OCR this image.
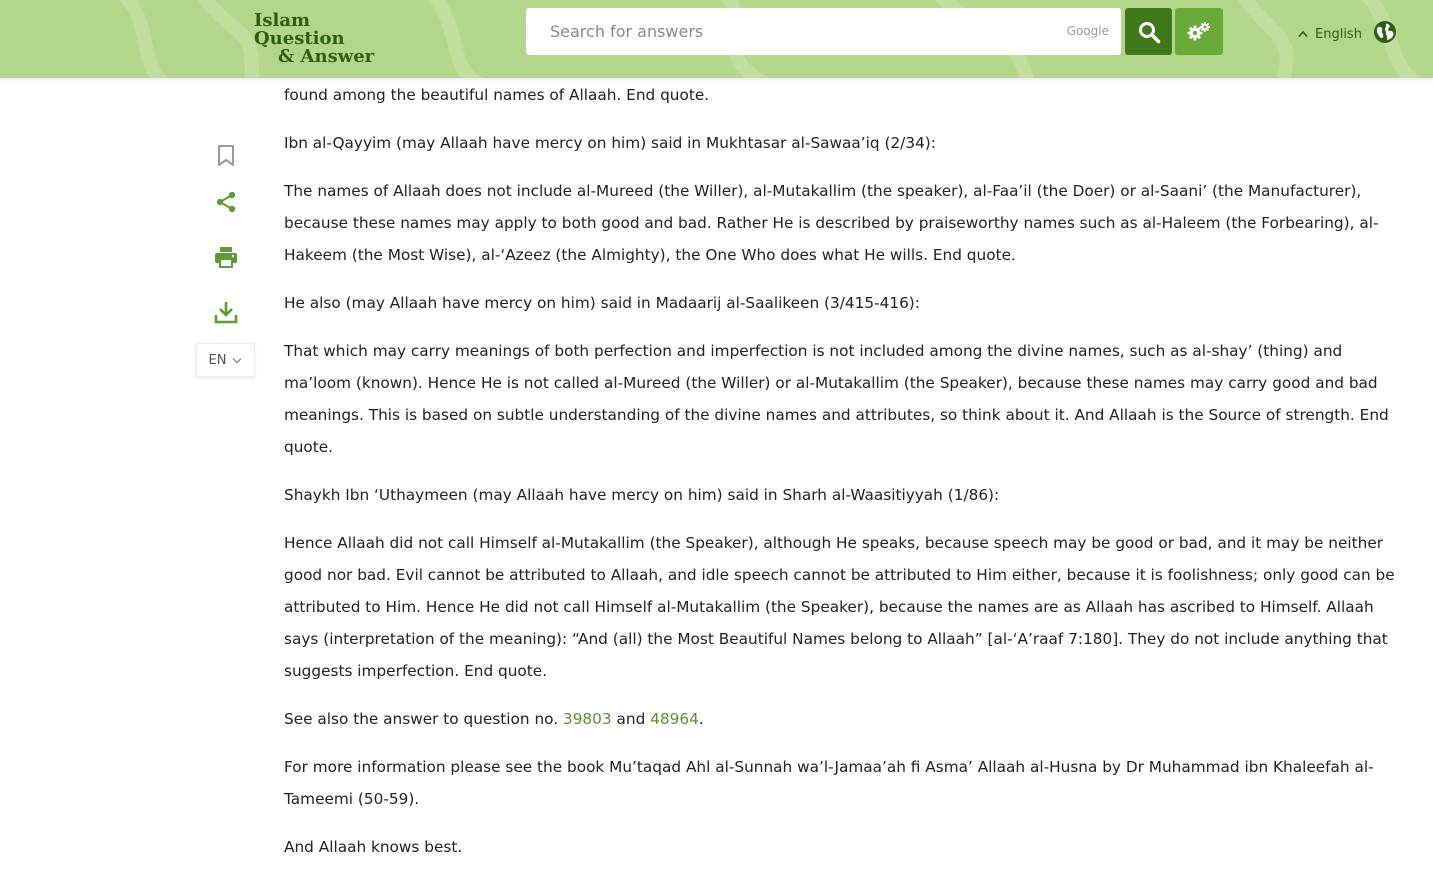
Islam Question
& Answer
Search for answers
Google	English
EN

found among the beautiful names of Allaah. End quote.

Ibn al-Qayyim (may Allaah have mercy on him) said in Mukhtasar al-Sawaa’iq (2/34):

The names of Allaah does not include al-Mureed (the Willer), al-Mutakallim (the speaker), al-Faa’il (the Doer) or al-Saani’ (the Manufacturer), because these names may apply to both good and bad. Rather He is described by praiseworthy names such as al-Haleem (the Forbearing), al-Hakeem (the Most Wise), al-‘Azeez (the Almighty), the One Who does what He wills. End quote.

He also (may Allaah have mercy on him) said in Madaarij al-Saalikeen (3/415-416):

That which may carry meanings of both perfection and imperfection is not included among the divine names, such as al-shay’ (thing) and ma’loom (known). Hence He is not called al-Mureed (the Willer) or al-Mutakallim (the Speaker), because these names may carry good and bad meanings. This is based on subtle understanding of the divine names and attributes, so think about it. And Allaah is the Source of strength. End quote.

Shaykh Ibn ‘Uthaymeen (may Allaah have mercy on him) said in Sharh al-Waasitiyyah (1/86):

Hence Allaah did not call Himself al-Mutakallim (the Speaker), although He speaks, because speech may be good or bad, and it may be neither good nor bad. Evil cannot be attributed to Allaah, and idle speech cannot be attributed to Him either, because it is foolishness; only good can be attributed to Him. Hence He did not call Himself al-Mutakallim (the Speaker), because the names are as Allaah has ascribed to Himself. Allaah says (interpretation of the meaning): “And (all) the Most Beautiful Names belong to Allaah” [al-‘A’raaf 7:180]. They do not include anything that suggests imperfection. End quote.

See also the answer to question no. 39803 and 48964.

For more information please see the book Mu’taqad Ahl al-Sunnah wa’l-Jamaa’ah fi Asma’ Allaah al-Husna by Dr Muhammad ibn Khaleefah al-Tameemi (50-59).

And Allaah knows best.
